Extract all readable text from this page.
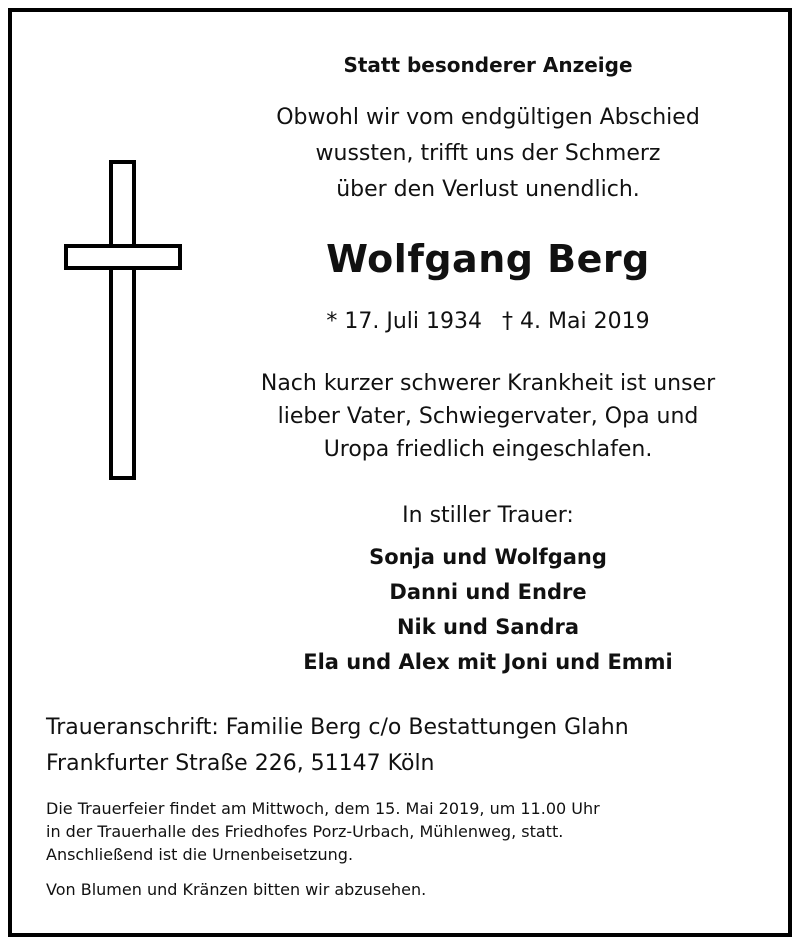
Statt besonderer Anzeige
Obwohl wir vom endgültigen Abschied
wussten, trifft uns der Schmerz
über den Verlust unendlich.
Wolfgang Berg
* 17. Juli 1934 † 4. Mai 2019
Nach kurzer schwerer Krankheit ist unser
lieber Vater, Schwiegervater, Opa und
Uropa friedlich eingeschlafen.
In stiller Trauer:
Sonja und Wolfgang
Danni und Endre
Nik und Sandra
Ela und Alex mit Joni und Emmi
Traueranschrift: Familie Berg c/o Bestattungen Glahn
Frankfurter Straße 226, 51147 Köln
Die Trauerfeier findet am Mittwoch, dem 15. Mai 2019, um 11.00 Uhr
in der Trauerhalle des Friedhofes Porz-Urbach, Mühlenweg, statt.
Anschließend ist die Urnenbeisetzung.
Von Blumen und Kränzen bitten wir abzusehen.
